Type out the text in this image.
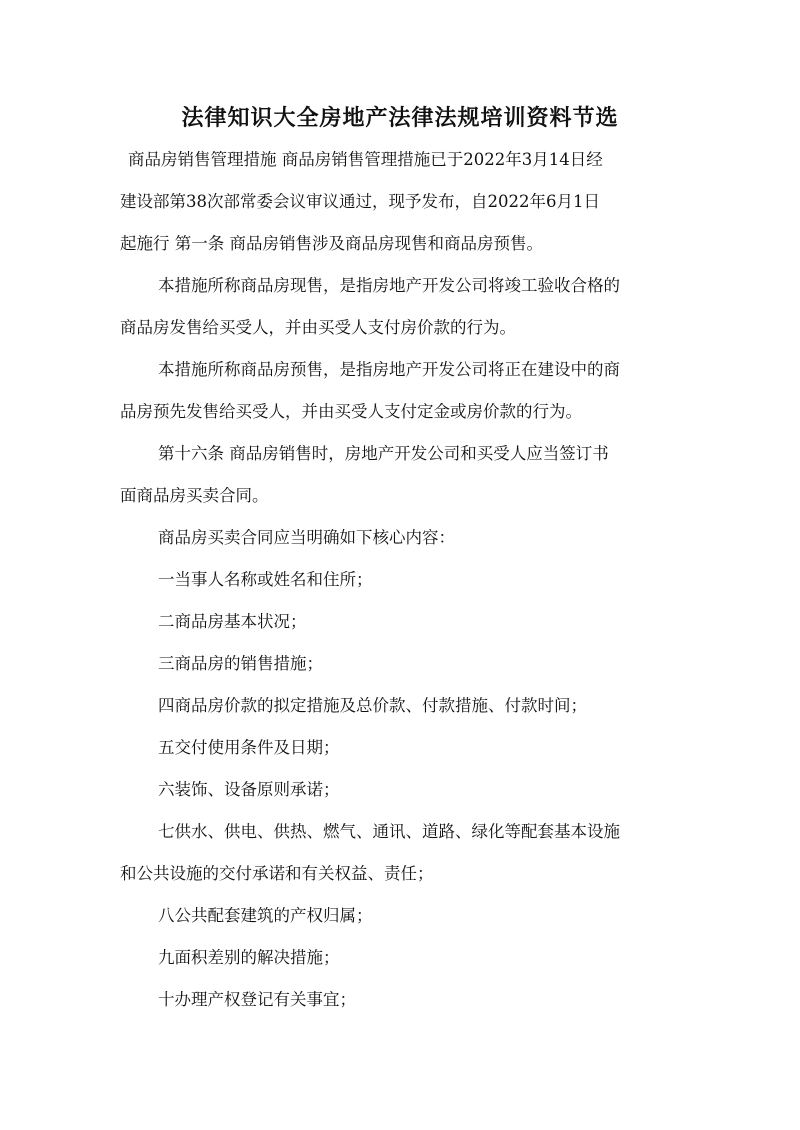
法律知识大全房地产法律法规培训资料节选

商品房销售管理措施 商品房销售管理措施已于2022年3月14日经

建设部第38次部常委会议审议通过，现予发布，自2022年6月1日

起施行 第一条 商品房销售涉及商品房现售和商品房预售。

本措施所称商品房现售，是指房地产开发公司将竣工验收合格的

商品房发售给买受人，并由买受人支付房价款的行为。

本措施所称商品房预售，是指房地产开发公司将正在建设中的商

品房预先发售给买受人，并由买受人支付定金或房价款的行为。

第十六条 商品房销售时，房地产开发公司和买受人应当签订书

面商品房买卖合同。

商品房买卖合同应当明确如下核心内容：

一当事人名称或姓名和住所；

二商品房基本状况；

三商品房的销售措施；

四商品房价款的拟定措施及总价款、付款措施、付款时间；

五交付使用条件及日期；

六装饰、设备原则承诺；

七供水、供电、供热、燃气、通讯、道路、绿化等配套基本设施

和公共设施的交付承诺和有关权益、责任；

八公共配套建筑的产权归属；

九面积差别的解决措施；

十办理产权登记有关事宜；
